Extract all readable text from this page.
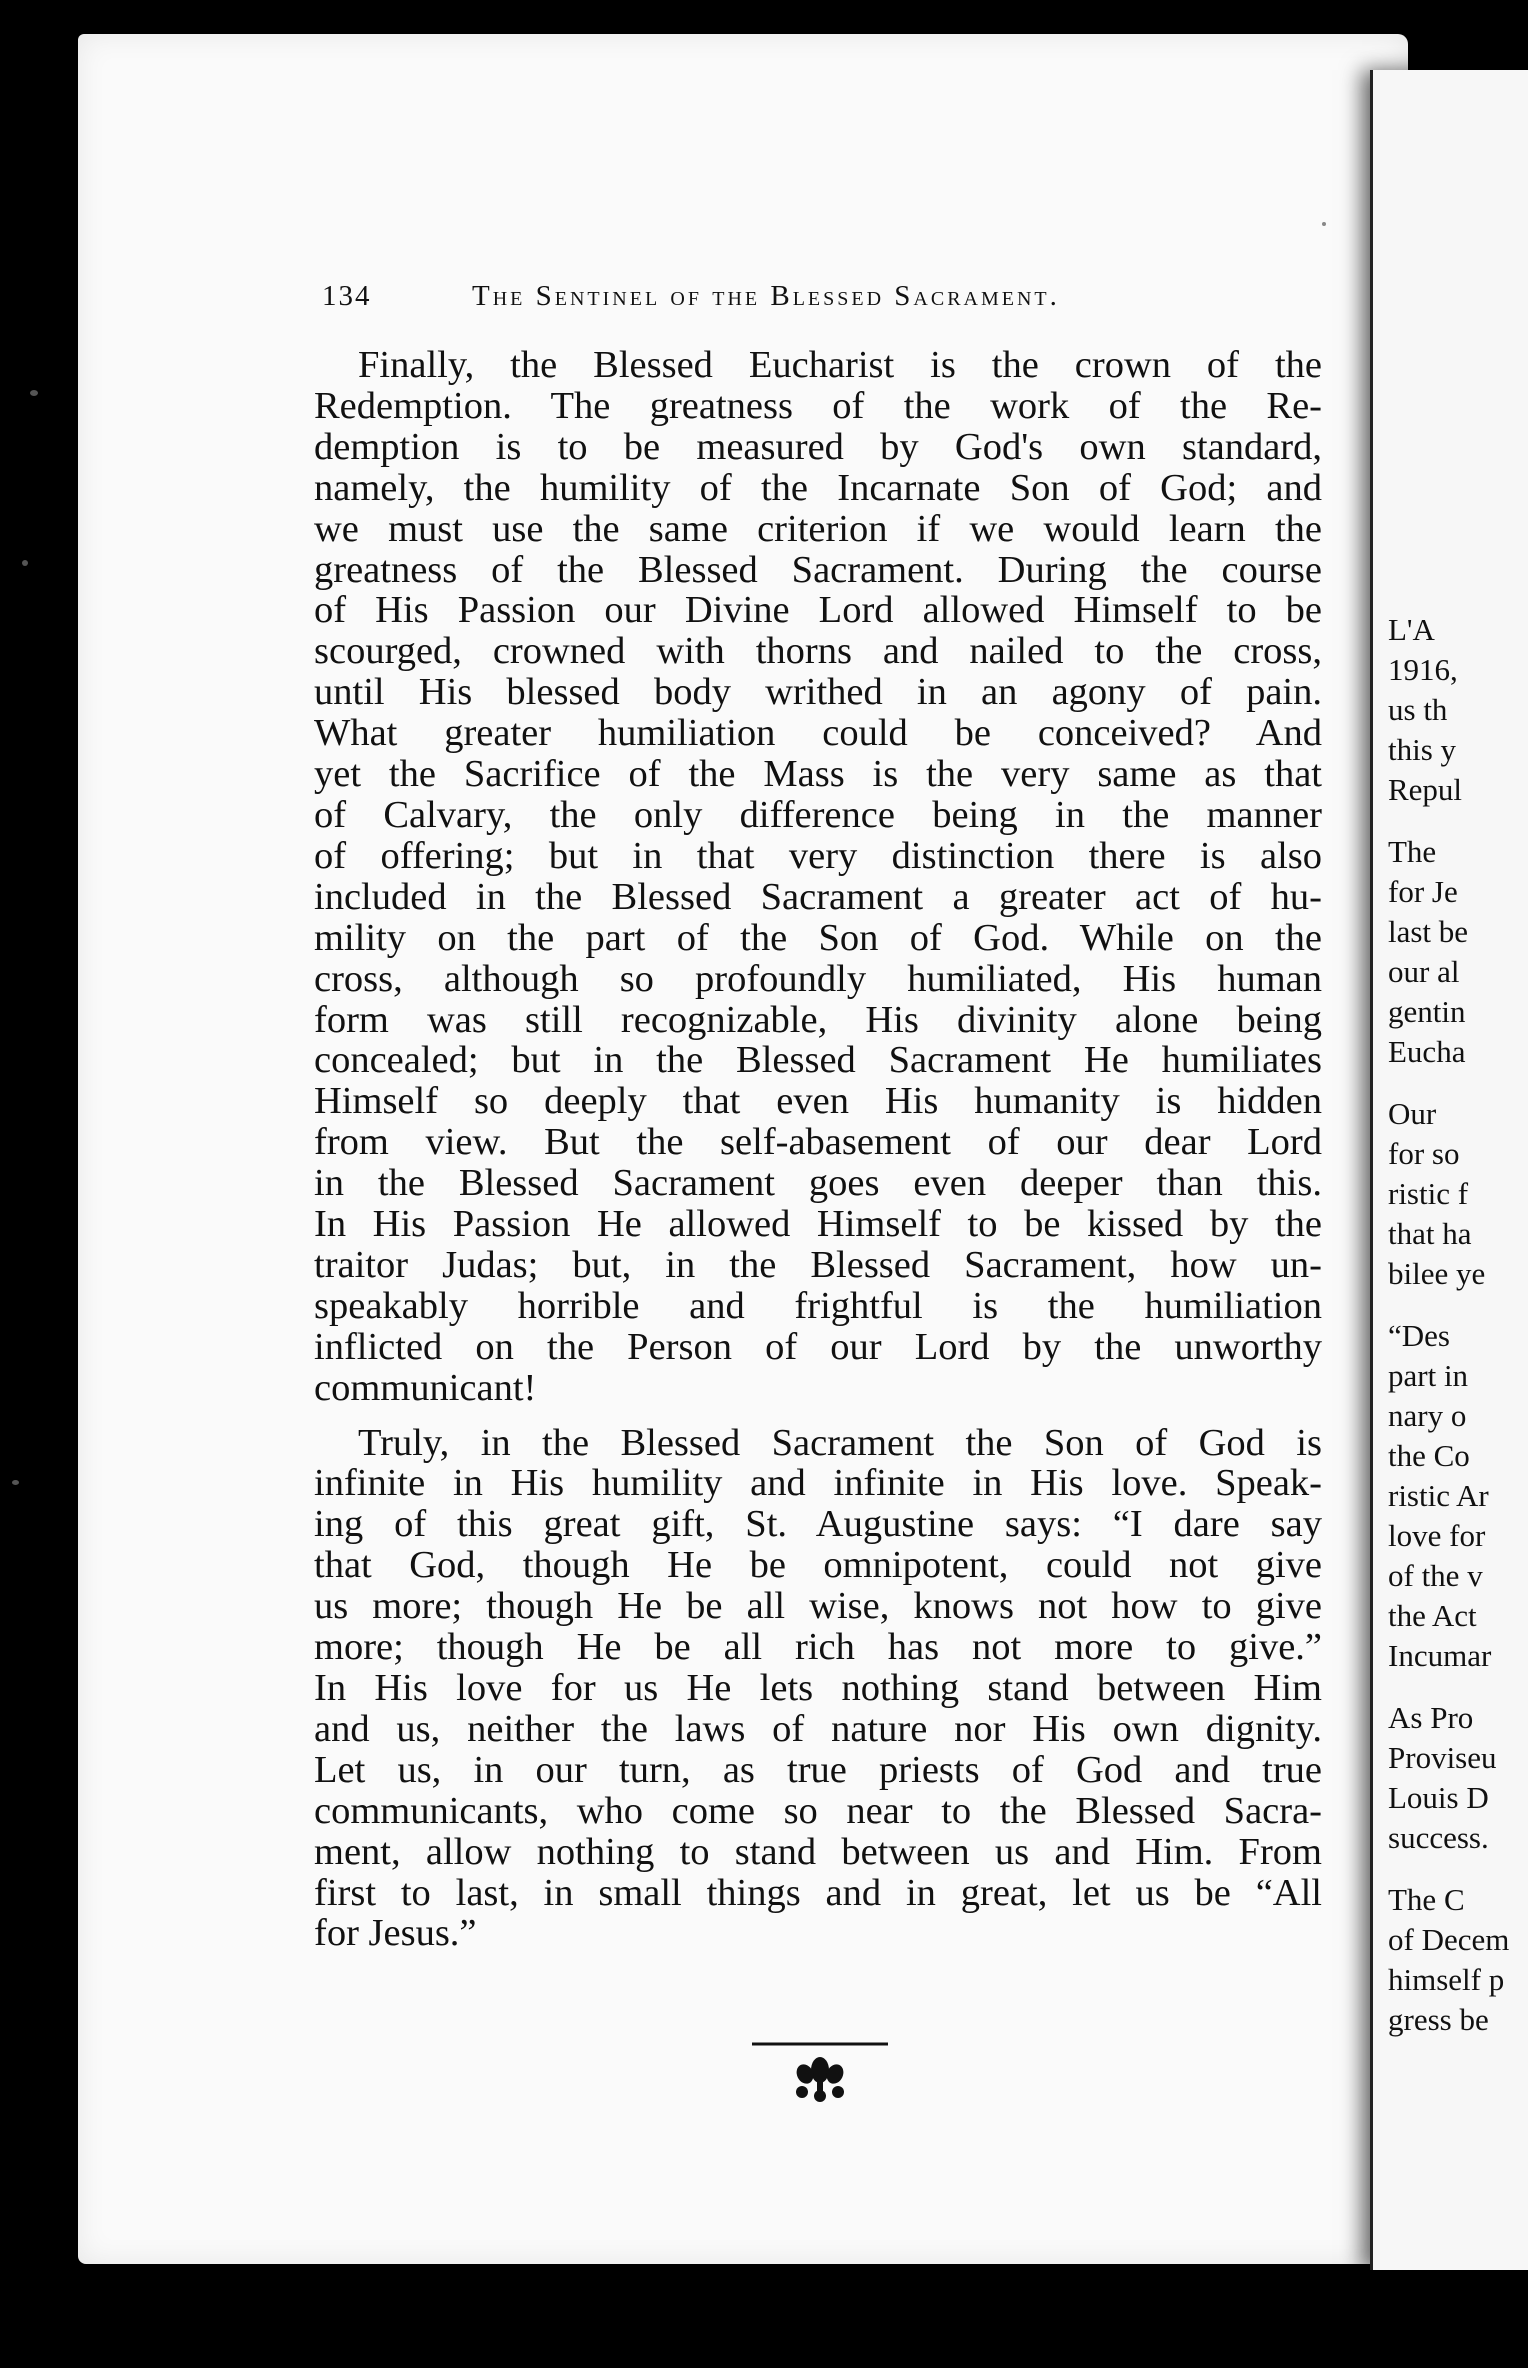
134	The Sentinel of the Blessed Sacrament.

Finally, the Blessed Eucharist is the crown of the

Redemption. The greatness of the work of the Re-

demption is to be measured by God's own standard,

namely, the humility of the Incarnate Son of God; and

we must use the same criterion if we would learn the

greatness of the Blessed Sacrament. During the course

of His Passion our Divine Lord allowed Himself to be

scourged, crowned with thorns and nailed to the cross,

until His blessed body writhed in an agony of pain.

What greater humiliation could be conceived? And

yet the Sacrifice of the Mass is the very same as that

of Calvary, the only difference being in the manner

of offering; but in that very distinction there is also

included in the Blessed Sacrament a greater act of hu-

mility on the part of the Son of God. While on the

cross, although so profoundly humiliated, His human

form was still recognizable, His divinity alone being

concealed; but in the Blessed Sacrament He humiliates

Himself so deeply that even His humanity is hidden

from view. But the self-abasement of our dear Lord

in the Blessed Sacrament goes even deeper than this.

In His Passion He allowed Himself to be kissed by the

traitor Judas; but, in the Blessed Sacrament, how un-

speakably horrible and frightful is the humiliation

inflicted on the Person of our Lord by the unworthy

communicant!

Truly, in the Blessed Sacrament the Son of God is

infinite in His humility and infinite in His love. Speak-

ing of this great gift, St. Augustine says: “I dare say

that God, though He be omnipotent, could not give

us more; though He be all wise, knows not how to give

more; though He be all rich has not more to give.”

In His love for us He lets nothing stand between Him

and us, neither the laws of nature nor His own dignity.

Let us, in our turn, as true priests of God and true

communicants, who come so near to the Blessed Sacra-

ment, allow nothing to stand between us and Him. From

first to last, in small things and in great, let us be “All

for Jesus.”

L'A
1916,
us th
this y
Repul
The
for Je
last be
our al
gentin
Eucha
Our
for so
ristic f
that ha
bilee ye
“Des
part in
nary o
the Co
ristic Ar
love for
of the v
the Act
Incumar
As Pro
Proviseu
Louis D
success.
The C
of Decem
himself p
gress be
